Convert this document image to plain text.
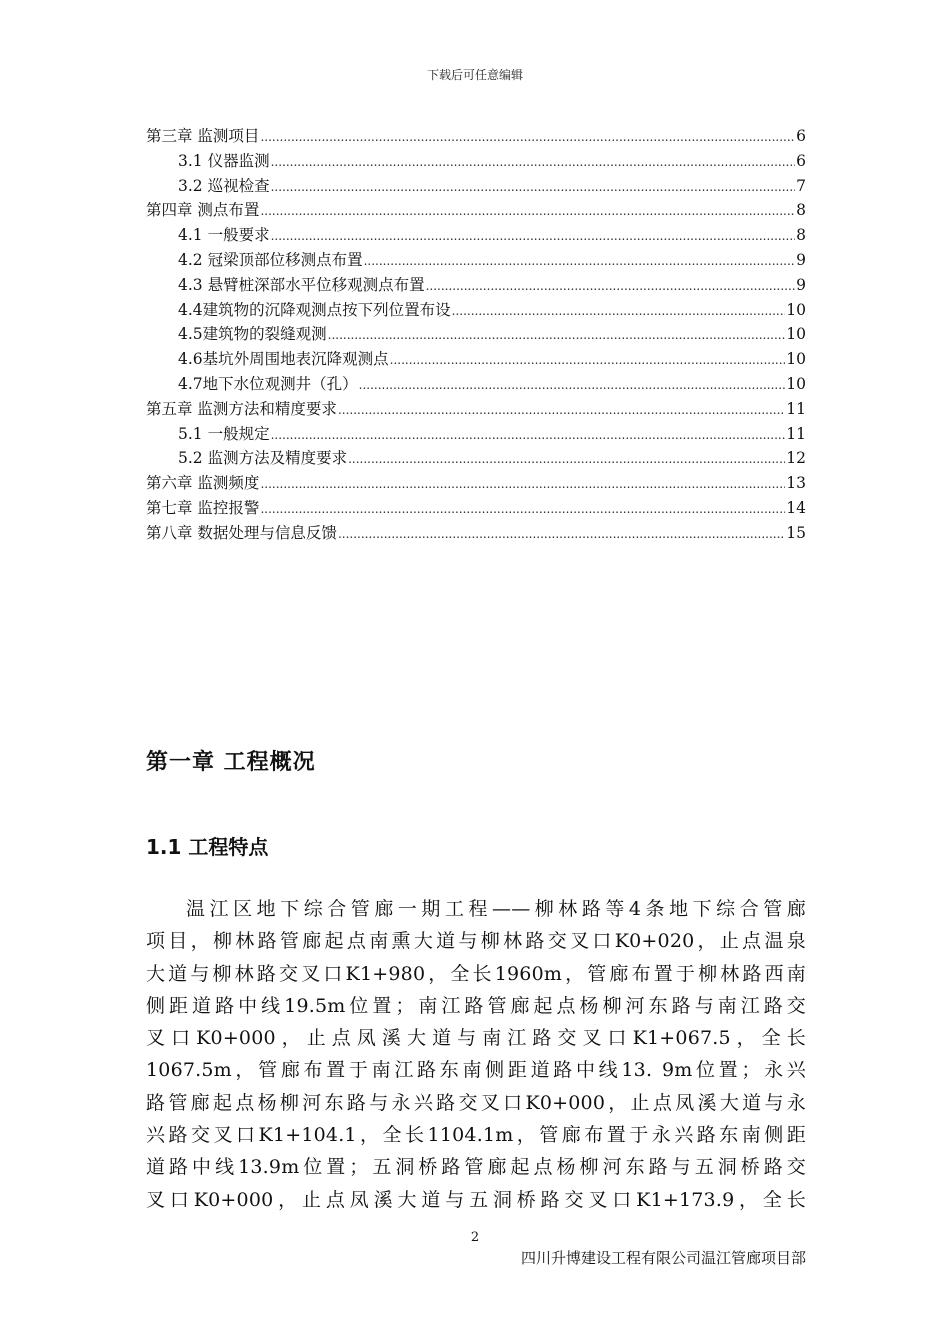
下载后可任意编辑
第三章 监测项目 .....	6
3.1 仪器监测 .....	6
3.2 巡视检查 .....	7
第四章 测点布置 .....	8
4.1 一般要求 .....	8
4.2 冠梁顶部位移测点布置 .....	9
4.3 悬臂桩深部水平位移观测点布置 .....	9
4.4建筑物的沉降观测点按下列位置布设 .....	10
4.5建筑物的裂缝观测 .....	10
4.6基坑外周围地表沉降观测点 .....	10
4.7地下水位观测井（孔） .....	10
第五章 监测方法和精度要求 .....	11
5.1 一般规定 .....	11
5.2 监测方法及精度要求 .....	12
第六章 监测频度 .....	13
第七章 监控报警 .....	14
第八章 数据处理与信息反馈 .....	15
第一章 工程概况
1.1 工程特点
温江区地下综合管廊一期工程——柳林路等4条地下综合管廊
项目，柳林路管廊起点南熏大道与柳林路交叉口K0+020，止点温泉
大道与柳林路交叉口K1+980，全长1960m，管廊布置于柳林路西南
侧距道路中线19.5m位置；南江路管廊起点杨柳河东路与南江路交
叉口K0+000，止点凤溪大道与南江路交叉口K1+067.5，全长
1067.5m，管廊布置于南江路东南侧距道路中线13. 9m位置；永兴
路管廊起点杨柳河东路与永兴路交叉口K0+000，止点凤溪大道与永
兴路交叉口K1+104.1，全长1104.1m，管廊布置于永兴路东南侧距
道路中线13.9m位置；五洞桥路管廊起点杨柳河东路与五洞桥路交
叉口K0+000，止点凤溪大道与五洞桥路交叉口K1+173.9，全长
2
四川升博建设工程有限公司温江管廊项目部
